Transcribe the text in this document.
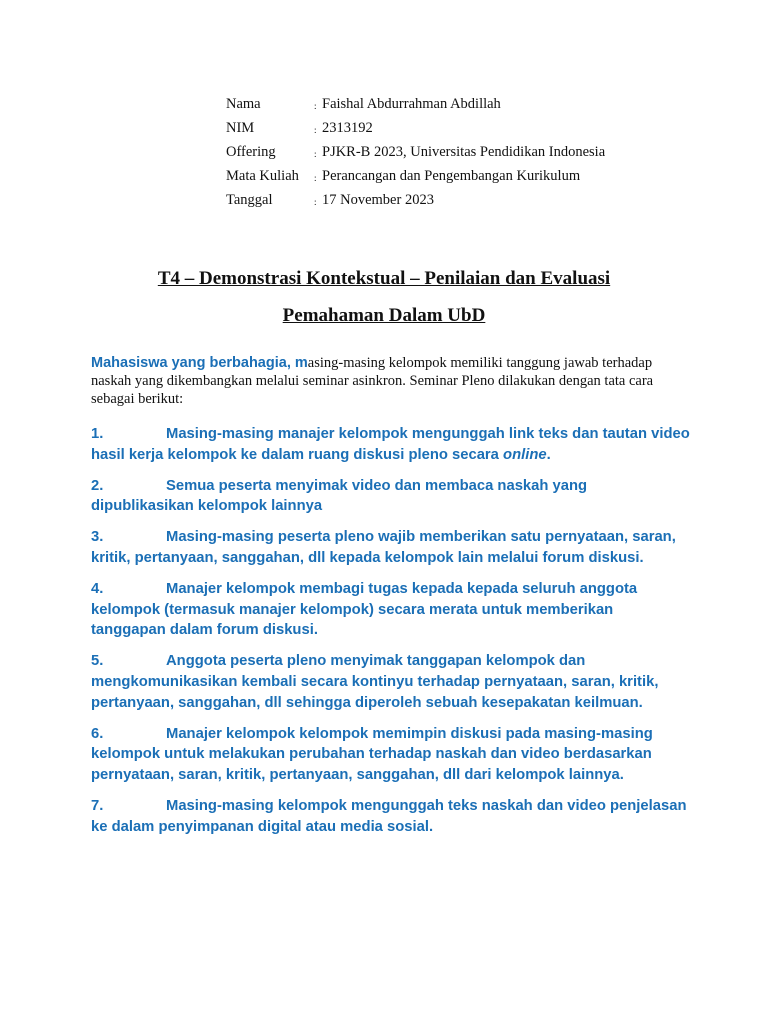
Nama	: Faishal Abdurrahman Abdillah
NIM	: 2313192
Offering	: PJKR-B 2023, Universitas Pendidikan Indonesia
Mata Kuliah	: Perancangan dan Pengembangan Kurikulum
Tanggal	: 17 November 2023
T4 – Demonstrasi Kontekstual – Penilaian dan Evaluasi
Pemahaman Dalam UbD

Mahasiswa yang berbahagia, masing-masing kelompok memiliki tanggung jawab terhadap naskah yang dikembangkan melalui seminar asinkron. Seminar Pleno dilakukan dengan tata cara sebagai berikut:

1.	Masing-masing manajer kelompok mengunggah link teks dan tautan video hasil kerja kelompok ke dalam ruang diskusi pleno secara online.

2.	Semua peserta menyimak video dan membaca naskah yang dipublikasikan kelompok lainnya

3.	Masing-masing peserta pleno wajib memberikan satu pernyataan, saran, kritik, pertanyaan, sanggahan, dll kepada kelompok lain melalui forum diskusi.

4.	Manajer kelompok membagi tugas kepada kepada seluruh anggota kelompok (termasuk manajer kelompok) secara merata untuk memberikan tanggapan dalam forum diskusi.

5.	Anggota peserta pleno menyimak tanggapan kelompok dan mengkomunikasikan kembali secara kontinyu terhadap pernyataan, saran, kritik, pertanyaan, sanggahan, dll sehingga diperoleh sebuah kesepakatan keilmuan.

6.	Manajer kelompok kelompok memimpin diskusi pada masing-masing kelompok untuk melakukan perubahan terhadap naskah dan video berdasarkan pernyataan, saran, kritik, pertanyaan, sanggahan, dll dari kelompok lainnya.

7.	Masing-masing kelompok mengunggah teks naskah dan video penjelasan ke dalam penyimpanan digital atau media sosial.
